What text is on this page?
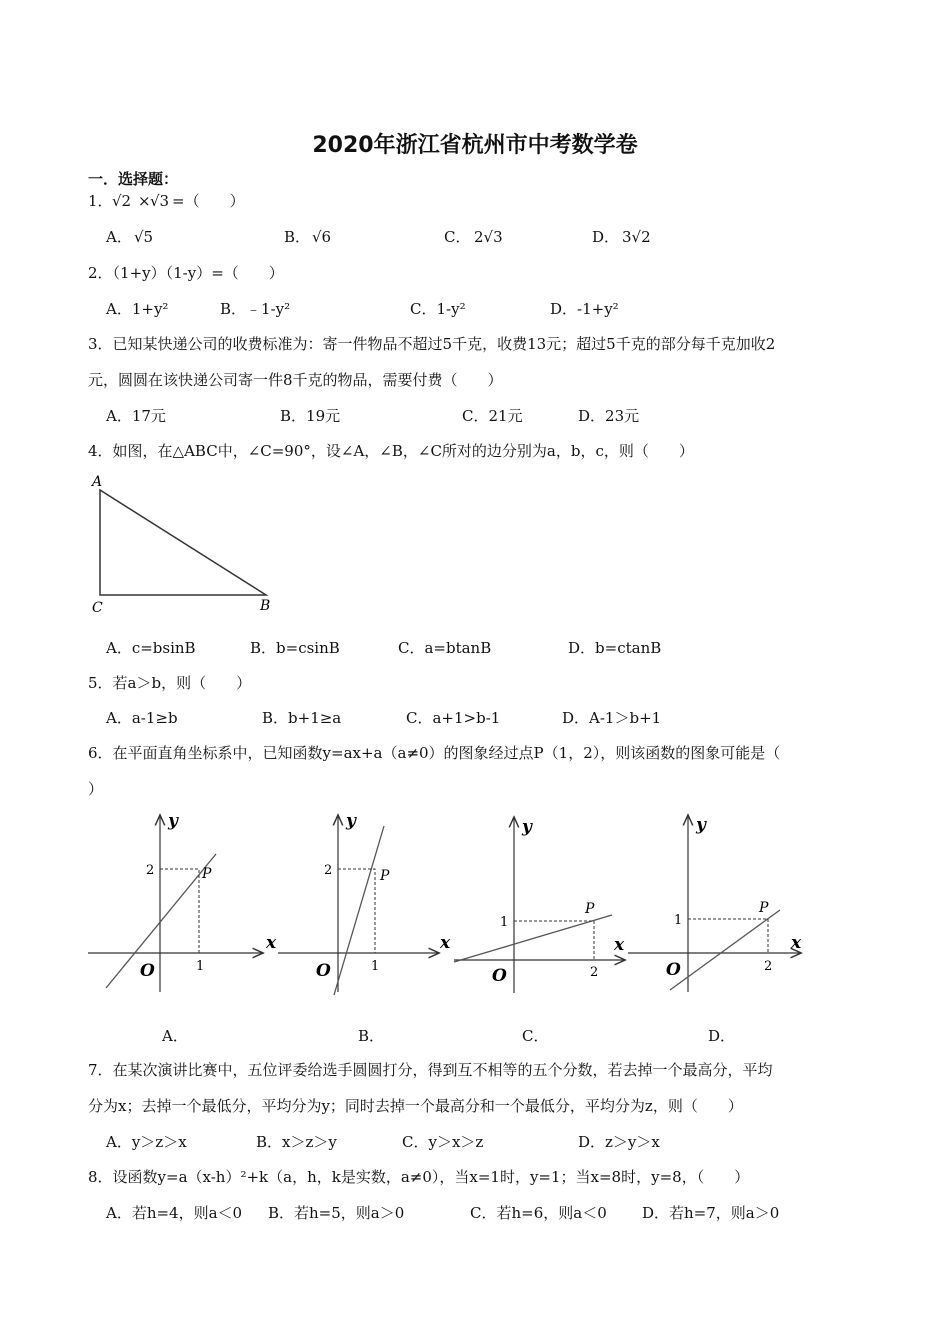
2020年浙江省杭州市中考数学卷
一．选择题：
1． √2 × √3 =（　　）
A． √5	B． √6	C． 2√3	D． 3√2
2．（1+y）（1-y）=（　　）
A．1+y²	B．﹣1-y²	C．1-y²	D．-1+y²
3．已知某快递公司的收费标准为：寄一件物品不超过5千克，收费13元；超过5千克的部分每千克加收2
元，圆圆在该快递公司寄一件8千克的物品，需要付费（　　）
A．17元	B．19元	C．21元	D．23元
4．如图，在△ABC中，∠C=90°，设∠A，∠B，∠C所对的边分别为a，b，c，则（　　）
A
C	B
A．c=bsinB	B．b=csinB	C．a=btanB	D．b=ctanB
5．若a＞b，则（　　）
A．a-1≥b	B．b+1≥a	C．a+1>b-1	D．A-1＞b+1
6．在平面直角坐标系中，已知函数y=ax+a（a≠0）的图象经过点P（1，2），则该函数的图象可能是（
）
y
x
O
P
2
1
y
x
O
P
2
1
y
x
O
P
1
2
y
x
O
P
1
2
A．	B．	C．	D．
7．在某次演讲比赛中，五位评委给选手圆圆打分，得到互不相等的五个分数，若去掉一个最高分，平均
分为x；去掉一个最低分，平均分为y；同时去掉一个最高分和一个最低分，平均分为z，则（　　）
A．y＞z＞x	B．x＞z＞y	C．y＞x＞z	D．z＞y＞x
8．设函数y=a（x-h）²+k（a，h，k是实数，a≠0），当x=1时，y=1；当x=8时，y=8，（　　）
A．若h=4，则a＜0 B．若h=5，则a＞0	C．若h=6，则a＜0 D．若h=7，则a＞0
